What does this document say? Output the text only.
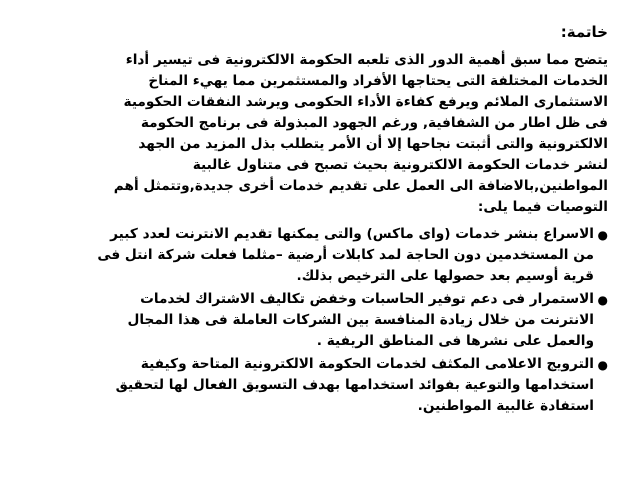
خاتمة:

يتضح مما سبق أهمية الدور الذى تلعبه الحكومة الالكترونية فى تيسير أداء
الخدمات المختلفة التى يحتاجها الأفراد والمستثمرين مما يهيء المناخ
الاستثمارى الملائم ويرفع كفاءة الأداء الحكومى ويرشد النفقات الحكومية
فى ظل اطار من الشفافية, ورغم الجهود المبذولة فى برنامج الحكومة
الالكترونية والتى أثبتت نجاحها إلا أن الأمر يتطلب بذل المزيد من الجهد
لنشر خدمات الحكومة الالكترونية بحيث تصبح فى متناول غالبية
المواطنين,بالاضافة الى العمل على تقديم خدمات أخرى جديدة,وتتمثل أهم
التوصيات فيما يلى:

●
الاسراع بنشر خدمات (واى ماكس) والتى يمكنها تقديم الانترنت لعدد كبير
من المستخدمين دون الحاجة لمد كابلات أرضية –مثلما فعلت شركة انتل فى
قرية أوسيم بعد حصولها على الترخيص بذلك.
●
الاستمرار فى دعم توفير الحاسبات وخفض تكاليف الاشتراك لخدمات
الانترنت من خلال زيادة المنافسة بين الشركات العاملة فى هذا المجال
والعمل على نشرها فى المناطق الريفية .
●
الترويج الاعلامى المكثف لخدمات الحكومة الالكترونية المتاحة وكيفية
استخدامها والتوعية بفوائد استخدامها بهدف التسويق الفعال لها لتحقيق
استفادة غالبية المواطنين.
